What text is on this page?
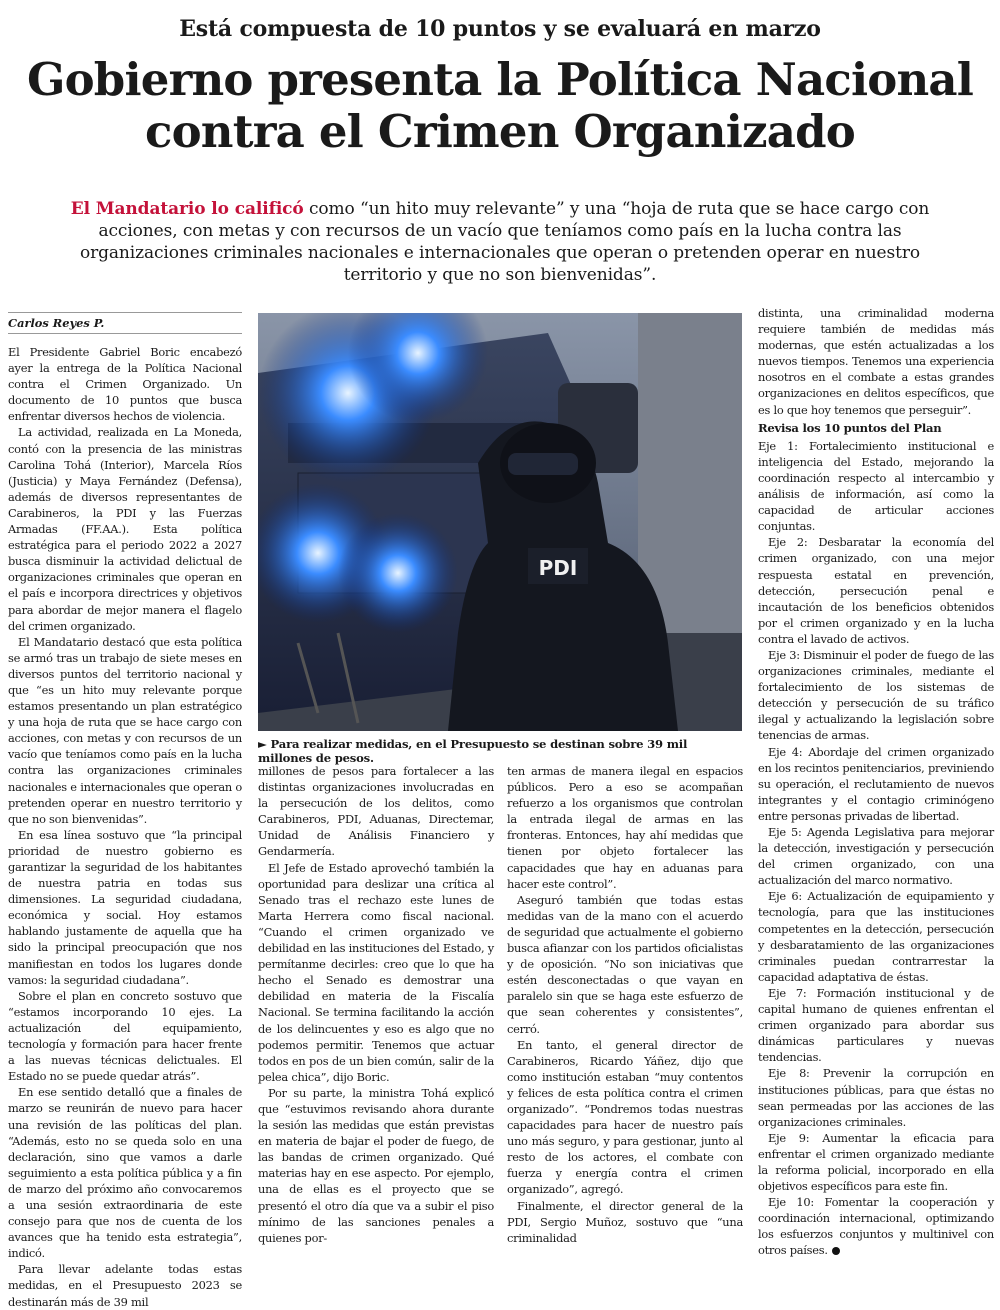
Está compuesta de 10 puntos y se evaluará en marzo
Gobierno presenta la Política Nacional
contra el Crimen Organizado
El Mandatario lo calificó como “un hito muy relevante” y una “hoja de ruta que se hace cargo con acciones, con metas y con recursos de un vacío que teníamos como país en la lucha contra las organizaciones criminales nacionales e internacionales que operan o pretenden operar en nuestro territorio y que no son bienvenidas”.
Carlos Reyes P.

El Presidente Gabriel Boric encabezó ayer la entrega de la Política Nacional contra el Crimen Organizado. Un documento de 10 puntos que busca enfrentar diversos hechos de violencia.

La actividad, realizada en La Moneda, contó con la presencia de las ministras Carolina Tohá (Interior), Marcela Ríos (Justicia) y Maya Fernández (Defensa), además de diversos representantes de Carabineros, la PDI y las Fuerzas Armadas (FF.AA.). Esta política estratégica para el periodo 2022 a 2027 busca disminuir la actividad delictual de organizaciones criminales que operan en el país e incorpora directrices y objetivos para abordar de mejor manera el flagelo del crimen organizado.

El Mandatario destacó que esta política se armó tras un trabajo de siete meses en diversos puntos del territorio nacional y que “es un hito muy relevante porque estamos presentando un plan estratégico y una hoja de ruta que se hace cargo con acciones, con metas y con recursos de un vacío que teníamos como país en la lucha contra las organizaciones criminales nacionales e internacionales que operan o pretenden operar en nuestro territorio y que no son bienvenidas”.

En esa línea sostuvo que “la principal prioridad de nuestro gobierno es garantizar la seguridad de los habitantes de nuestra patria en todas sus dimensiones. La seguridad ciudadana, económica y social. Hoy estamos hablando justamente de aquella que ha sido la principal preocupación que nos manifiestan en todos los lugares donde vamos: la seguridad ciudadana”.

Sobre el plan en concreto sostuvo que “estamos incorporando 10 ejes. La actualización del equipamiento, tecnología y formación para hacer frente a las nuevas técnicas delictuales. El Estado no se puede quedar atrás”.

En ese sentido detalló que a finales de marzo se reunirán de nuevo para hacer una revisión de las políticas del plan. “Además, esto no se queda solo en una declaración, sino que vamos a darle seguimiento a esta política pública y a fin de marzo del próximo año convocaremos a una sesión extraordinaria de este consejo para que nos de cuenta de los avances que ha tenido esta estrategia”, indicó.

Para llevar adelante todas estas medidas, en el Presupuesto 2023 se destinarán más de 39 mil

PDI
► Para realizar medidas, en el Presupuesto se destinan sobre 39 mil millones de pesos.

millones de pesos para fortalecer a las distintas organizaciones involucradas en la persecución de los delitos, como Carabineros, PDI, Aduanas, Directemar, Unidad de Análisis Financiero y Gendarmería.

El Jefe de Estado aprovechó también la oportunidad para deslizar una crítica al Senado tras el rechazo este lunes de Marta Herrera como fiscal nacional. “Cuando el crimen organizado ve debilidad en las instituciones del Estado, y permítanme decirles: creo que lo que ha hecho el Senado es demostrar una debilidad en materia de la Fiscalía Nacional. Se termina facilitando la acción de los delincuentes y eso es algo que no podemos permitir. Tenemos que actuar todos en pos de un bien común, salir de la pelea chica”, dijo Boric.

Por su parte, la ministra Tohá explicó que “estuvimos revisando ahora durante la sesión las medidas que están previstas en materia de bajar el poder de fuego, de las bandas de crimen organizado. Qué materias hay en ese aspecto. Por ejemplo, una de ellas es el proyecto que se presentó el otro día que va a subir el piso mínimo de las sanciones penales a quienes por-

ten armas de manera ilegal en espacios públicos. Pero a eso se acompañan refuerzo a los organismos que controlan la entrada ilegal de armas en las fronteras. Entonces, hay ahí medidas que tienen por objeto fortalecer las capacidades que hay en aduanas para hacer este control”.

Aseguró también que todas estas medidas van de la mano con el acuerdo de seguridad que actualmente el gobierno busca afianzar con los partidos oficialistas y de oposición. “No son iniciativas que estén desconectadas o que vayan en paralelo sin que se haga este esfuerzo de que sean coherentes y consistentes”, cerró.

En tanto, el general director de Carabineros, Ricardo Yáñez, dijo que como institución estaban “muy contentos y felices de esta política contra el crimen organizado”. “Pondremos todas nuestras capacidades para hacer de nuestro país uno más seguro, y para gestionar, junto al resto de los actores, el combate con fuerza y energía contra el crimen organizado”, agregó.

Finalmente, el director general de la PDI, Sergio Muñoz, sostuvo que “una criminalidad

distinta, una criminalidad moderna requiere también de medidas más modernas, que estén actualizadas a los nuevos tiempos. Tenemos una experiencia nosotros en el combate a estas grandes organizaciones en delitos específicos, que es lo que hoy tenemos que perseguir”.

Revisa los 10 puntos del Plan

Eje 1: Fortalecimiento institucional e inteligencia del Estado, mejorando la coordinación respecto al intercambio y análisis de información, así como la capacidad de articular acciones conjuntas.

Eje 2: Desbaratar la economía del crimen organizado, con una mejor respuesta estatal en prevención, detección, persecución penal e incautación de los beneficios obtenidos por el crimen organizado y en la lucha contra el lavado de activos.

Eje 3: Disminuir el poder de fuego de las organizaciones criminales, mediante el fortalecimiento de los sistemas de detección y persecución de su tráfico ilegal y actualizando la legislación sobre tenencias de armas.

Eje 4: Abordaje del crimen organizado en los recintos penitenciarios, previniendo su operación, el reclutamiento de nuevos integrantes y el contagio criminógeno entre personas privadas de libertad.

Eje 5: Agenda Legislativa para mejorar la detección, investigación y persecución del crimen organizado, con una actualización del marco normativo.

Eje 6: Actualización de equipamiento y tecnología, para que las instituciones competentes en la detección, persecución y desbaratamiento de las organizaciones criminales puedan contrarrestar la capacidad adaptativa de éstas.

Eje 7: Formación institucional y de capital humano de quienes enfrentan el crimen organizado para abordar sus dinámicas particulares y nuevas tendencias.

Eje 8: Prevenir la corrupción en instituciones públicas, para que éstas no sean permeadas por las acciones de las organizaciones criminales.

Eje 9: Aumentar la eficacia para enfrentar el crimen organizado mediante la reforma policial, incorporado en ella objetivos específicos para este fin.

Eje 10: Fomentar la cooperación y coordinación internacional, optimizando los esfuerzos conjuntos y multinivel con otros países.
